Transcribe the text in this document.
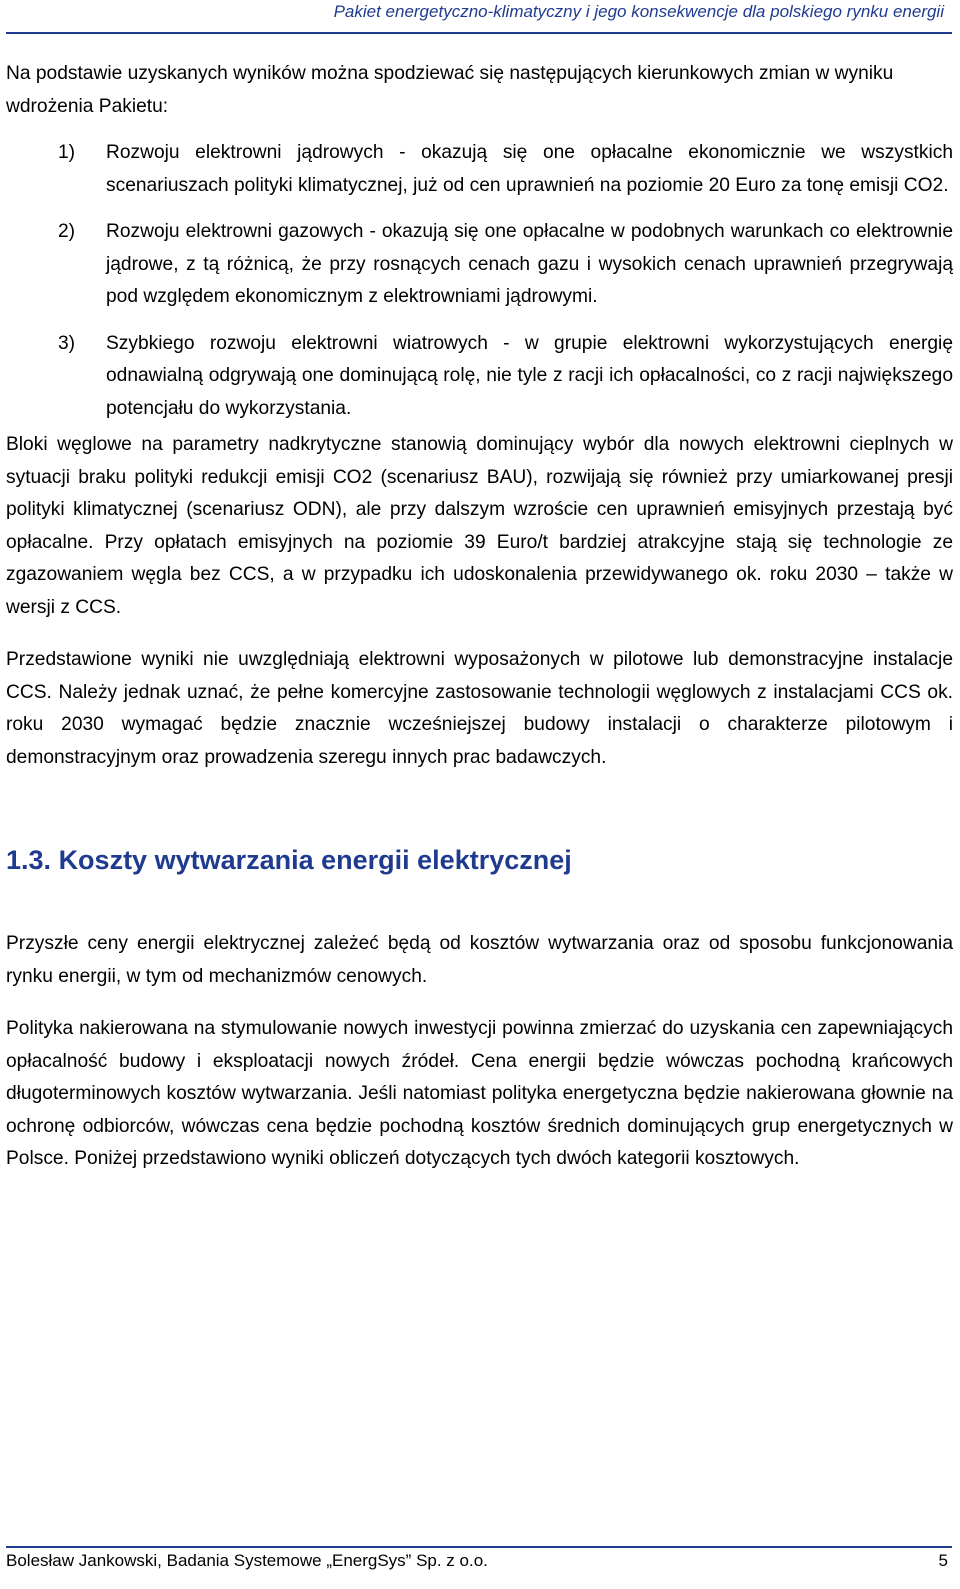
Pakiet energetyczno-klimatyczny i jego konsekwencje dla polskiego rynku energii

Na podstawie uzyskanych wyników można spodziewać się następujących kierunkowych zmian w wyniku wdrożenia Pakietu:

1) Rozwoju elektrowni jądrowych - okazują się one opłacalne ekonomicznie we wszystkich scenariuszach polityki klimatycznej, już od cen uprawnień na poziomie 20 Euro za tonę emisji CO2.
2) Rozwoju elektrowni gazowych - okazują się one opłacalne w podobnych warunkach co elektrownie jądrowe, z tą różnicą, że przy rosnących cenach gazu i wysokich cenach uprawnień przegrywają pod względem ekonomicznym z elektrowniami jądrowymi.
3) Szybkiego rozwoju elektrowni wiatrowych - w grupie elektrowni wykorzystujących energię odnawialną odgrywają one dominującą rolę, nie tyle z racji ich opłacalności, co z racji największego potencjału do wykorzystania.

Bloki węglowe na parametry nadkrytyczne stanowią dominujący wybór dla nowych elektrowni cieplnych w sytuacji braku polityki redukcji emisji CO2 (scenariusz BAU), rozwijają się również przy umiarkowanej presji polityki klimatycznej (scenariusz ODN), ale przy dalszym wzroście cen uprawnień emisyjnych przestają być opłacalne. Przy opłatach emisyjnych na poziomie 39 Euro/t bardziej atrakcyjne stają się technologie ze zgazowaniem węgla bez CCS, a w przypadku ich udoskonalenia przewidywanego ok. roku 2030 – także w wersji z CCS.

Przedstawione wyniki nie uwzględniają elektrowni wyposażonych w pilotowe lub demonstracyjne instalacje CCS. Należy jednak uznać, że pełne komercyjne zastosowanie technologii węglowych z instalacjami CCS ok. roku 2030 wymagać będzie znacznie wcześniejszej budowy instalacji o charakterze pilotowym i demonstracyjnym oraz prowadzenia szeregu innych prac badawczych.

1.3. Koszty wytwarzania energii elektrycznej

Przyszłe ceny energii elektrycznej zależeć będą od kosztów wytwarzania oraz od sposobu funkcjonowania rynku energii, w tym od mechanizmów cenowych.

Polityka nakierowana na stymulowanie nowych inwestycji powinna zmierzać do uzyskania cen zapewniających opłacalność budowy i eksploatacji nowych źródeł. Cena energii będzie wówczas pochodną krańcowych długoterminowych kosztów wytwarzania. Jeśli natomiast polityka energetyczna będzie nakierowana głownie na ochronę odbiorców, wówczas cena będzie pochodną kosztów średnich dominujących grup energetycznych w Polsce. Poniżej przedstawiono wyniki obliczeń dotyczących tych dwóch kategorii kosztowych.

Bolesław Jankowski, Badania Systemowe „EnergSys” Sp. z o.o.	5
